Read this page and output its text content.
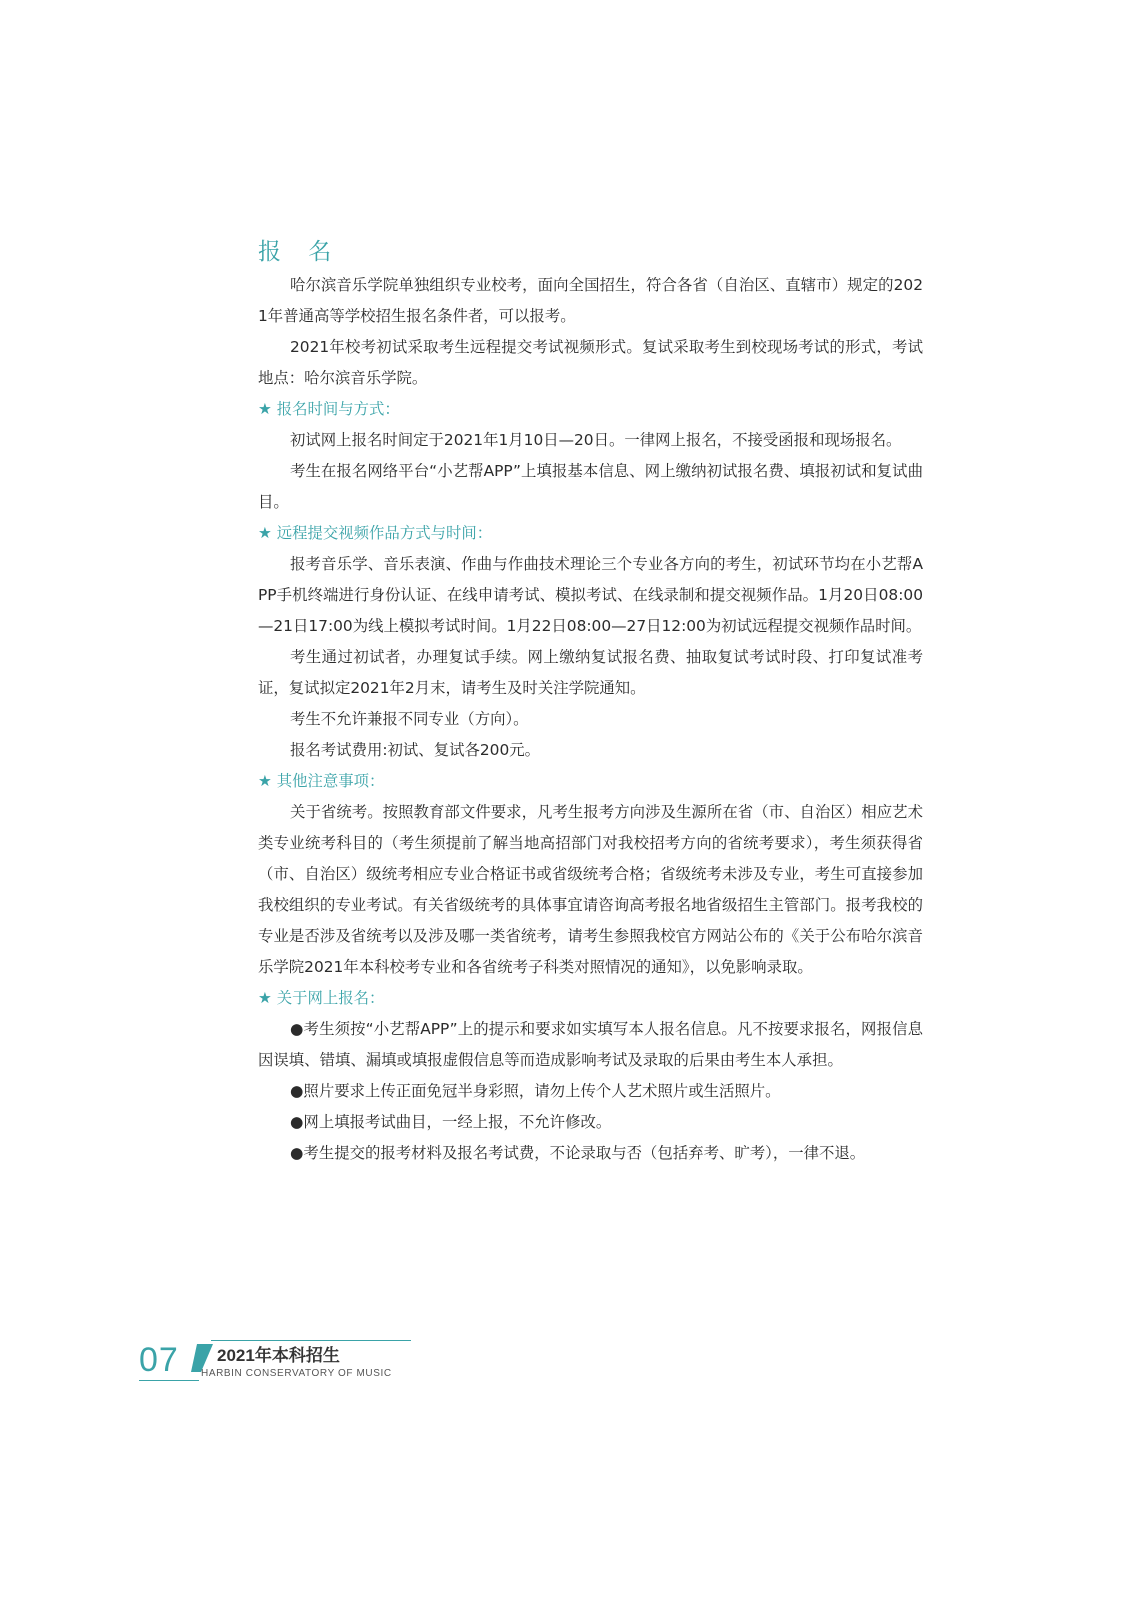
报 名

哈尔滨音乐学院单独组织专业校考，面向全国招生，符合各省（自治区、直辖市）规定的2021年普通高等学校招生报名条件者，可以报考。

2021年校考初试采取考生远程提交考试视频形式。复试采取考生到校现场考试的形式，考试地点：哈尔滨音乐学院。

★ 报名时间与方式：

初试网上报名时间定于2021年1月10日—20日。一律网上报名，不接受函报和现场报名。

考生在报名网络平台“小艺帮APP”上填报基本信息、网上缴纳初试报名费、填报初试和复试曲目。

★ 远程提交视频作品方式与时间：

报考音乐学、音乐表演、作曲与作曲技术理论三个专业各方向的考生，初试环节均在小艺帮APP手机终端进行身份认证、在线申请考试、模拟考试、在线录制和提交视频作品。1月20日08:00—21日17:00为线上模拟考试时间。1月22日08:00—27日12:00为初试远程提交视频作品时间。

考生通过初试者，办理复试手续。网上缴纳复试报名费、抽取复试考试时段、打印复试准考证，复试拟定2021年2月末，请考生及时关注学院通知。

考生不允许兼报不同专业（方向）。

报名考试费用:初试、复试各200元。

★ 其他注意事项：

关于省统考。按照教育部文件要求，凡考生报考方向涉及生源所在省（市、自治区）相应艺术类专业统考科目的（考生须提前了解当地高招部门对我校招考方向的省统考要求），考生须获得省（市、自治区）级统考相应专业合格证书或省级统考合格；省级统考未涉及专业，考生可直接参加我校组织的专业考试。有关省级统考的具体事宜请咨询高考报名地省级招生主管部门。报考我校的专业是否涉及省统考以及涉及哪一类省统考，请考生参照我校官方网站公布的《关于公布哈尔滨音乐学院2021年本科校考专业和各省统考子科类对照情况的通知》，以免影响录取。

★ 关于网上报名：

●考生须按“小艺帮APP”上的提示和要求如实填写本人报名信息。凡不按要求报名，网报信息因误填、错填、漏填或填报虚假信息等而造成影响考试及录取的后果由考生本人承担。

●照片要求上传正面免冠半身彩照，请勿上传个人艺术照片或生活照片。

●网上填报考试曲目，一经上报，不允许修改。

●考生提交的报考材料及报名考试费，不论录取与否（包括弃考、旷考），一律不退。

07 2021年本科招生
HARBIN CONSERVATORY OF MUSIC
